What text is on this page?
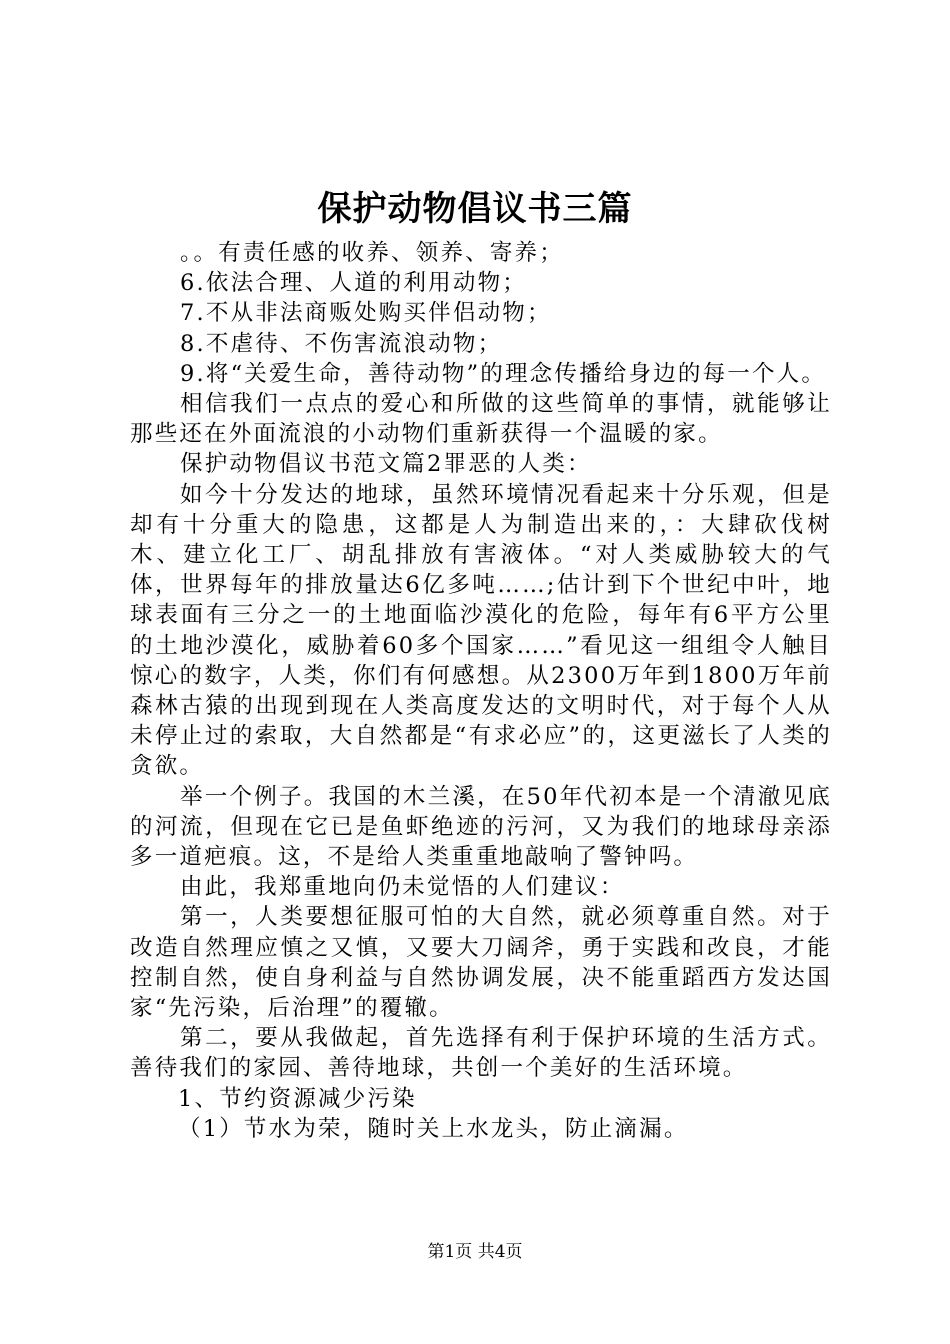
保护动物倡议书三篇

。。有责任感的收养、领养、寄养；

6.依法合理、人道的利用动物；

7.不从非法商贩处购买伴侣动物；

8.不虐待、不伤害流浪动物；

9.将“关爱生命，善待动物”的理念传播给身边的每一个人。

相信我们一点点的爱心和所做的这些简单的事情，就能够让那些还在外面流浪的小动物们重新获得一个温暖的家。

保护动物倡议书范文篇2罪恶的人类：

如今十分发达的地球，虽然环境情况看起来十分乐观，但是却有十分重大的隐患，这都是人为制造出来的，：大肆砍伐树木、建立化工厂、胡乱排放有害液体。“对人类威胁较大的气体，世界每年的排放量达6亿多吨……;估计到下个世纪中叶，地球表面有三分之一的土地面临沙漠化的危险，每年有6平方公里的土地沙漠化，威胁着60多个国家……”看见这一组组令人触目惊心的数字，人类，你们有何感想。从2300万年到1800万年前森林古猿的出现到现在人类高度发达的文明时代，对于每个人从未停止过的索取，大自然都是“有求必应”的，这更滋长了人类的贪欲。

举一个例子。我国的木兰溪，在50年代初本是一个清澈见底的河流，但现在它已是鱼虾绝迹的污河，又为我们的地球母亲添多一道疤痕。这，不是给人类重重地敲响了警钟吗。

由此，我郑重地向仍未觉悟的人们建议：

第一，人类要想征服可怕的大自然，就必须尊重自然。对于改造自然理应慎之又慎，又要大刀阔斧，勇于实践和改良，才能控制自然，使自身利益与自然协调发展，决不能重蹈西方发达国家“先污染，后治理”的覆辙。

第二，要从我做起，首先选择有利于保护环境的生活方式。善待我们的家园、善待地球，共创一个美好的生活环境。

1、节约资源减少污染

（1）节水为荣，随时关上水龙头，防止滴漏。

第1页 共4页
